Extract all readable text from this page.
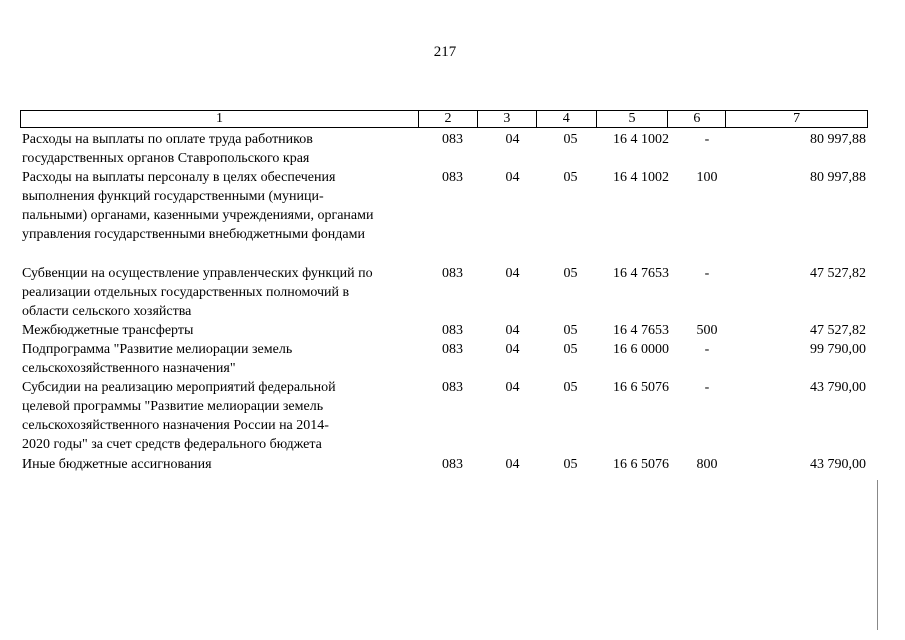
217
1	2	3	4	5	6	7
Расходы на выплаты по оплате труда работников
государственных органов Ставропольского края
083	04	05	16 4 1002	-	80 997,88
Расходы на выплаты персоналу в целях обеспечения
выполнения функций государственными (муници-
пальными) органами, казенными учреждениями, органами
управления государственными внебюджетными фондами
083	04	05	16 4 1002	100	80 997,88
Субвенции на осуществление управленческих функций по
реализации отдельных государственных полномочий в
области сельского хозяйства
083	04	05	16 4 7653	-	47 527,82
Межбюджетные трансферты	083	04	05	16 4 7653	500	47 527,82
Подпрограмма "Развитие мелиорации земель
сельскохозяйственного назначения"
083	04	05	16 6 0000	-	99 790,00
Субсидии на реализацию мероприятий федеральной
целевой программы "Развитие мелиорации земель
сельскохозяйственного назначения России на 2014-
2020 годы" за счет средств федерального бюджета
083	04	05	16 6 5076	-	43 790,00
Иные бюджетные ассигнования	083	04	05	16 6 5076	800	43 790,00
